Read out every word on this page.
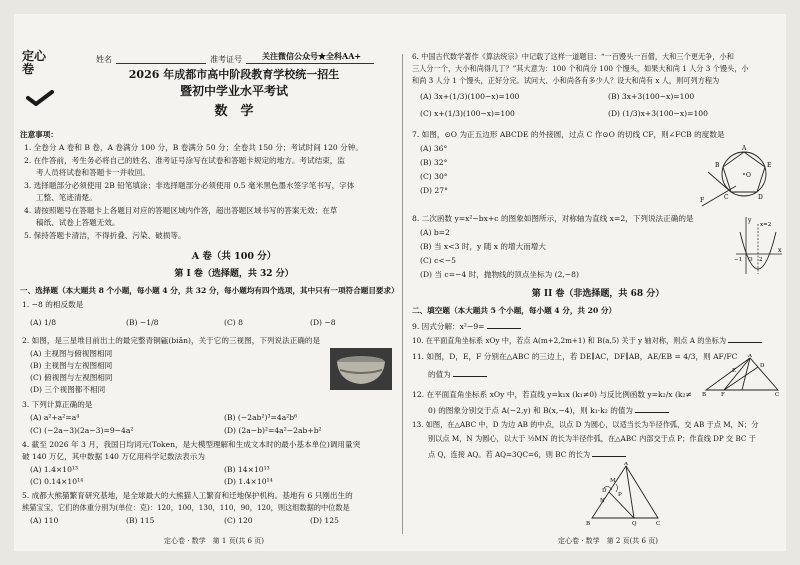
定心卷
姓名	准考证号	关注微信公众号★全科AA+
2026 年成都市高中阶段教育学校统一招生
暨初中学业水平考试
数　学
注意事项：
1. 全卷分 A 卷和 B 卷，A 卷满分 100 分，B 卷满分 50 分；全卷共 150 分；考试时间 120 分钟。
2. 在作答前，考生务必将自己的姓名、准考证号涂写在试卷和答题卡规定的地方。考试结束，监
考人员将试卷和答题卡一并收回。
3. 选择题部分必须使用 2B 铅笔填涂；非选择题部分必须使用 0.5 毫米黑色墨水签字笔书写，字体
工整、笔迹清楚。
4. 请按照题号在答题卡上各题目对应的答题区域内作答，超出答题区域书写的答案无效；在草
稿纸、试卷上答题无效。
5. 保持答题卡清洁，不得折叠、污染、破损等。
A 卷（共 100 分）
第 I 卷（选择题，共 32 分）
一、选择题（本大题共 8 个小题，每小题 4 分，共 32 分，每小题均有四个选项，其中只有一项符合题目要求）
1. −8 的相反数是
(A) 1/8	(B) −1/8	(C) 8	(D) −8
2. 如图，是三星堆目前出土的最完整青铜甂(biǎn)，关于它的三视图，下列说法正确的是
(A) 主视图与俯视图相同
(B) 主视图与左视图相同
(C) 俯视图与左视图相同
(D) 三个视图都不相同
3. 下列计算正确的是
(A) a²+a²=a⁴	(B) (−2ab²)³=4a²b⁶
(C) (−2a−3)(2a−3)=9−4a²	(D) (2a−b)²=4a²−2ab+b²
4. 截至 2026 年 3 月，我国日均词元(Token，是大模型理解和生成文本时的最小基本单位)调用量突
破 140 万亿，其中数据 140 万亿用科学记数法表示为
(A) 1.4×10¹³	(B) 14×10¹³
(C) 0.14×10¹⁴	(D) 1.4×10¹⁴
5. 成都大熊猫繁育研究基地，是全球最大的大熊猫人工繁育和迁地保护机构。基地有 6 只刚出生的
熊猫宝宝，它们的体重分别为(单位：克)：120，100，130，110，90，120，则这组数据的中位数是
(A) 110	(B) 115	(C) 120	(D) 125
定心卷 · 数学　第 1 页(共 6 页)
6. 中国古代数学著作《算法统宗》中记载了这样一道题目：“一百馒头一百僧，大和三个更无争，小和
三人分一个，大小和尚得几丁？”其大意为：100 个和尚分 100 个馒头，如果大和尚 1 人分 3 个馒头，小
和尚 3 人分 1 个馒头，正好分完。试问大、小和尚各有多少人？设大和尚有 x 人，则可列方程为
(A) 3x+(1/3)(100−x)=100	(B) 3x+3(100−x)=100
(C) x+(1/3)(100−x)=100	(D) (1/3)x+3(100−x)=100
7. 如图，⊙O 为正五边形 ABCDE 的外接圆，过点 C 作⊙O 的切线 CF，则∠FCB 的度数是
(A) 36°
(B) 32°
(C) 30°
(D) 27°
A
B
C	D
E
F
O
8. 二次函数 y=x²−bx+c 的图象如图所示，对称轴为直线 x=2，下列说法正确的是
(A) b=2
(B) 当 x<3 时，y 随 x 的增大而增大
(C) c<−5
(D) 当 c=−4 时，抛物线的顶点坐标为 (2,−8)
y
x
O
x=2
−1	2
第 II 卷（非选择题，共 68 分）
二、填空题（本大题共 5 个小题，每小题 4 分，共 20 分）
9. 因式分解：x²−9=
10. 在平面直角坐标系 xOy 中，若点 A(m+2,2m+1) 和 B(a,5) 关于 y 轴对称，则点 A 的坐标为
11. 如图，D，E，F 分别在△ABC 的三边上，若 DE∥AC，DF∥AB，AE/EB = 4/3，则 AF/FC
的值为
A
D
E
B	F	C
12. 在平面直角坐标系 xOy 中，若直线 y=k₁x (k₁≠0) 与反比例函数 y=k₂/x (k₂≠
0) 的图象分别交于点 A(−2,y) 和 B(x,−4)，则 k₁·k₂ 的值为
13. 如图，在△ABC 中，D 为边 AB 的中点，以点 D 为圆心，以适当长为半径作弧，交 AB 于点 M，N；分
别以点 M，N 为圆心，以大于 ½MN 的长为半径作弧，在△ABC 内部交于点 P；作直线 DP 交 BC 于
点 Q，连接 AQ。若 AQ=3QC=6，则 BC 的长为
A
D
M
N
P
B	Q	C
定心卷 · 数学　第 2 页(共 6 页)
